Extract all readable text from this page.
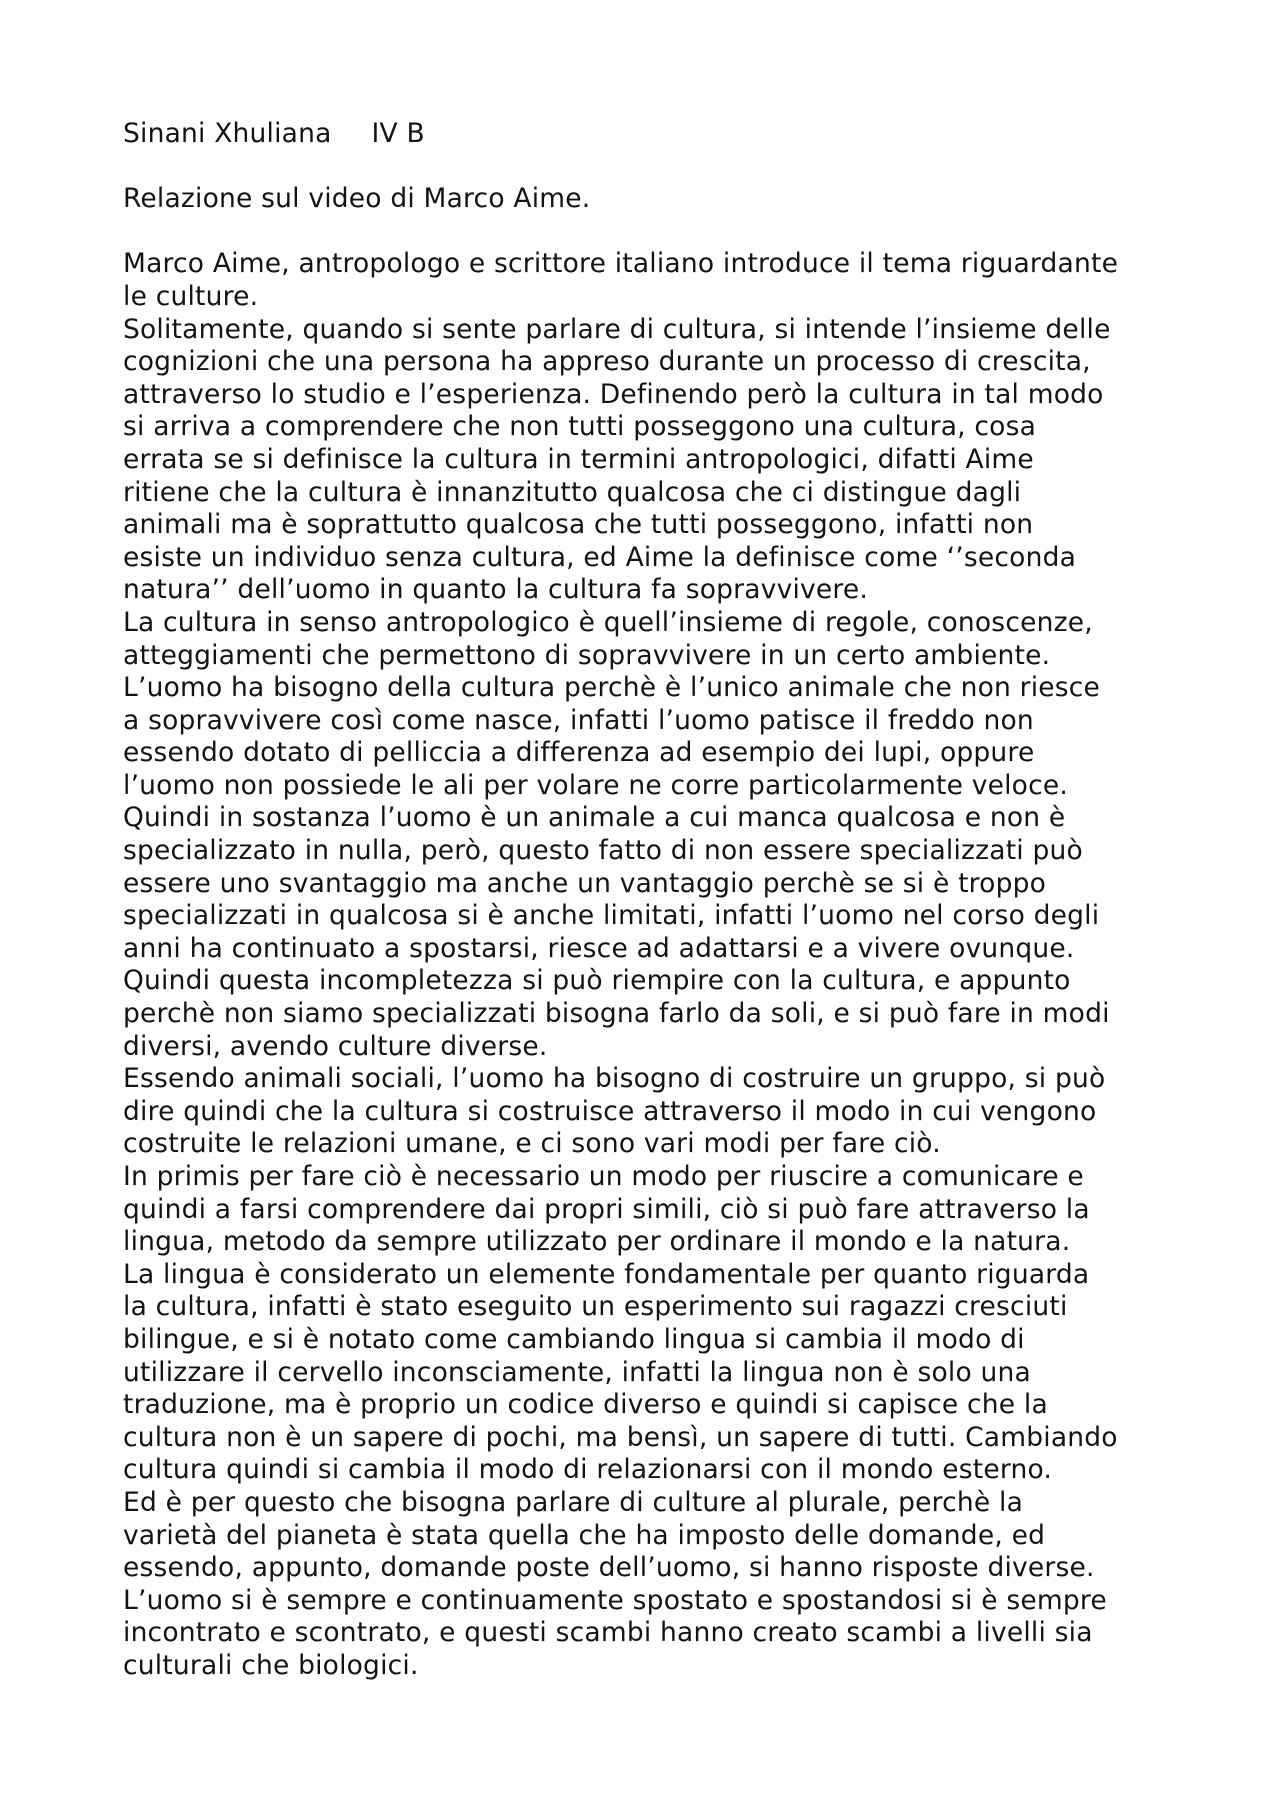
Sinani Xhuliana IV B

Relazione sul video di Marco Aime.

Marco Aime, antropologo e scrittore italiano introduce il tema riguardante
le culture.
Solitamente, quando si sente parlare di cultura, si intende l’insieme delle
cognizioni che una persona ha appreso durante un processo di crescita,
attraverso lo studio e l’esperienza. Definendo però la cultura in tal modo
si arriva a comprendere che non tutti posseggono una cultura, cosa
errata se si definisce la cultura in termini antropologici, difatti Aime
ritiene che la cultura è innanzitutto qualcosa che ci distingue dagli
animali ma è soprattutto qualcosa che tutti posseggono, infatti non
esiste un individuo senza cultura, ed Aime la definisce come ‘’seconda
natura’’ dell’uomo in quanto la cultura fa sopravvivere.
La cultura in senso antropologico è quell’insieme di regole, conoscenze,
atteggiamenti che permettono di sopravvivere in un certo ambiente.
L’uomo ha bisogno della cultura perchè è l’unico animale che non riesce
a sopravvivere così come nasce, infatti l’uomo patisce il freddo non
essendo dotato di pelliccia a differenza ad esempio dei lupi, oppure
l’uomo non possiede le ali per volare ne corre particolarmente veloce.
Quindi in sostanza l’uomo è un animale a cui manca qualcosa e non è
specializzato in nulla, però, questo fatto di non essere specializzati può
essere uno svantaggio ma anche un vantaggio perchè se si è troppo
specializzati in qualcosa si è anche limitati, infatti l’uomo nel corso degli
anni ha continuato a spostarsi, riesce ad adattarsi e a vivere ovunque.
Quindi questa incompletezza si può riempire con la cultura, e appunto
perchè non siamo specializzati bisogna farlo da soli, e si può fare in modi
diversi, avendo culture diverse.
Essendo animali sociali, l’uomo ha bisogno di costruire un gruppo, si può
dire quindi che la cultura si costruisce attraverso il modo in cui vengono
costruite le relazioni umane, e ci sono vari modi per fare ciò.
In primis per fare ciò è necessario un modo per riuscire a comunicare e
quindi a farsi comprendere dai propri simili, ciò si può fare attraverso la
lingua, metodo da sempre utilizzato per ordinare il mondo e la natura.
La lingua è considerato un elemente fondamentale per quanto riguarda
la cultura, infatti è stato eseguito un esperimento sui ragazzi cresciuti
bilingue, e si è notato come cambiando lingua si cambia il modo di
utilizzare il cervello inconsciamente, infatti la lingua non è solo una
traduzione, ma è proprio un codice diverso e quindi si capisce che la
cultura non è un sapere di pochi, ma bensì, un sapere di tutti. Cambiando
cultura quindi si cambia il modo di relazionarsi con il mondo esterno.
Ed è per questo che bisogna parlare di culture al plurale, perchè la
varietà del pianeta è stata quella che ha imposto delle domande, ed
essendo, appunto, domande poste dell’uomo, si hanno risposte diverse.
L’uomo si è sempre e continuamente spostato e spostandosi si è sempre
incontrato e scontrato, e questi scambi hanno creato scambi a livelli sia
culturali che biologici.
